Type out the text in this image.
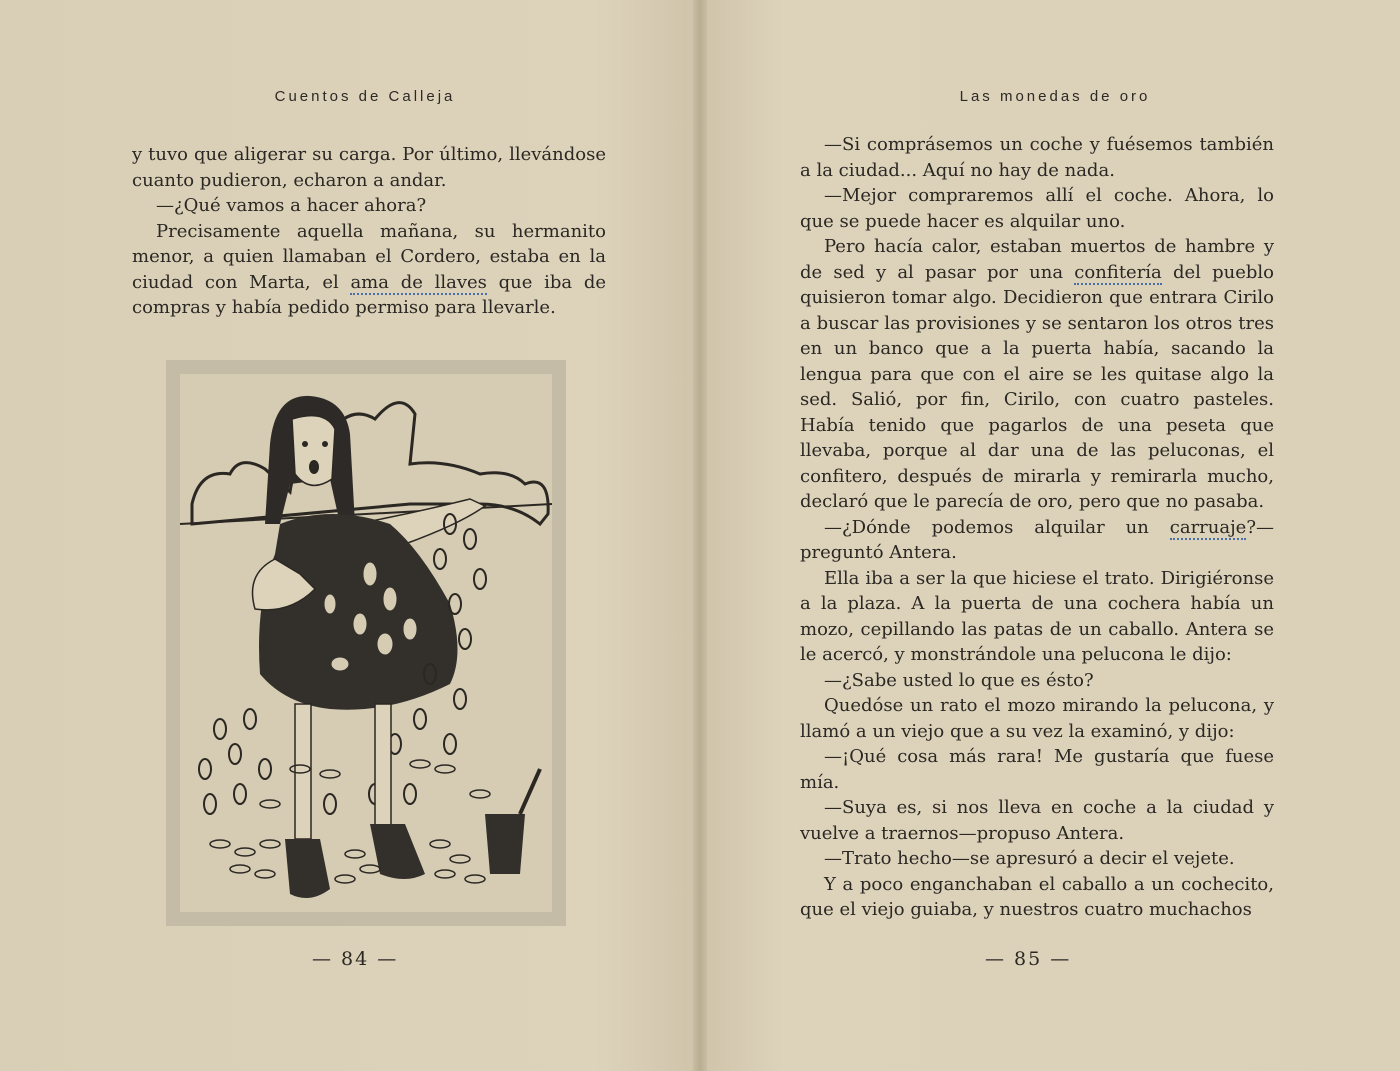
Cuentos de Calleja

y tuvo que aligerar su carga. Por último, llevándose cuanto pudieron, echaron a andar.

—¿Qué vamos a hacer ahora?

Precisamente aquella mañana, su hermanito menor, a quien llamaban el Cordero, estaba en la ciudad con Marta, el ama de llaves que iba de compras y había pedido permiso para llevarle.

— 84 —
Las monedas de oro

—Si comprásemos un coche y fuésemos también a la ciudad... Aquí no hay de nada.

—Mejor compraremos allí el coche. Ahora, lo que se puede hacer es alquilar uno.

Pero hacía calor, estaban muertos de hambre y de sed y al pasar por una confitería del pueblo quisieron tomar algo. Decidieron que entrara Cirilo a buscar las provisiones y se sentaron los otros tres en un banco que a la puerta había, sacando la lengua para que con el aire se les quitase algo la sed. Salió, por fin, Cirilo, con cuatro pasteles. Había tenido que pagarlos de una peseta que llevaba, porque al dar una de las peluconas, el confitero, después de mirarla y remirarla mucho, declaró que le parecía de oro, pero que no pasaba.

—¿Dónde podemos alquilar un carruaje?—preguntó Antera.

Ella iba a ser la que hiciese el trato. Dirigiéronse a la plaza. A la puerta de una cochera había un mozo, cepillando las patas de un caballo. Antera se le acercó, y monstrándole una pelucona le dijo:

—¿Sabe usted lo que es ésto?

Quedóse un rato el mozo mirando la pelucona, y llamó a un viejo que a su vez la examinó, y dijo:

—¡Qué cosa más rara! Me gustaría que fuese mía.

—Suya es, si nos lleva en coche a la ciudad y vuelve a traernos—propuso Antera.

—Trato hecho—se apresuró a decir el vejete.

Y a poco enganchaban el caballo a un cochecito, que el viejo guiaba, y nuestros cuatro muchachos

— 85 —
